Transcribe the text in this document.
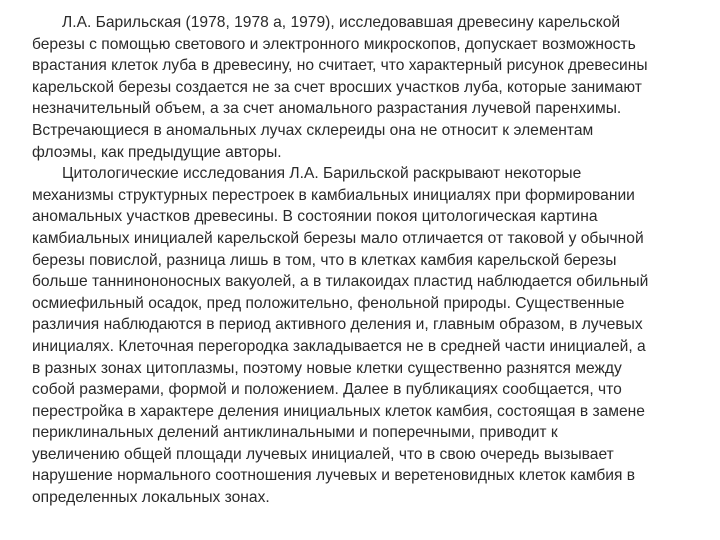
Л.А. Барильская (1978, 1978 а, 1979), исследовавшая древесину карельской
березы с помощью светового и электронного микроскопов, допускает возможность
врастания клеток луба в древесину, но считает, что характерный рисунок древесины
карельской березы создается не за счет вросших участков луба, которые занимают
незначительный объем, а за счет аномального разрастания лучевой паренхимы.
Встречающиеся в аномальных лучах склереиды она не относит к элементам
флоэмы, как предыдущие авторы.
Цитологические исследования Л.А. Барильской раскрывают некоторые
механизмы структурных перестроек в камбиальных инициалях при формировании
аномальных участков древесины. В состоянии покоя цитологическая картина
камбиальных инициалей карельской березы мало отличается от таковой у обычной
березы повислой, разница лишь в том, что в клетках камбия карельской березы
больше таннинононосных вакуолей, а в тилакоидах пластид наблюдается обильный
осмиефильный осадок, пред положительно, фенольной природы. Существенные
различия наблюдаются в период активного деления и, главным образом, в лучевых
инициалях. Клеточная перегородка закладывается не в средней части инициалей, а
в разных зонах цитоплазмы, поэтому новые клетки существенно разнятся между
собой размерами, формой и положением. Далее в публикациях сообщается, что
перестройка в характере деления инициальных клеток камбия, состоящая в замене
периклинальных делений антиклинальными и поперечными, приводит к
увеличению общей площади лучевых инициалей, что в свою очередь вызывает
нарушение нормального соотношения лучевых и веретеновидных клеток камбия в
определенных локальных зонах.
